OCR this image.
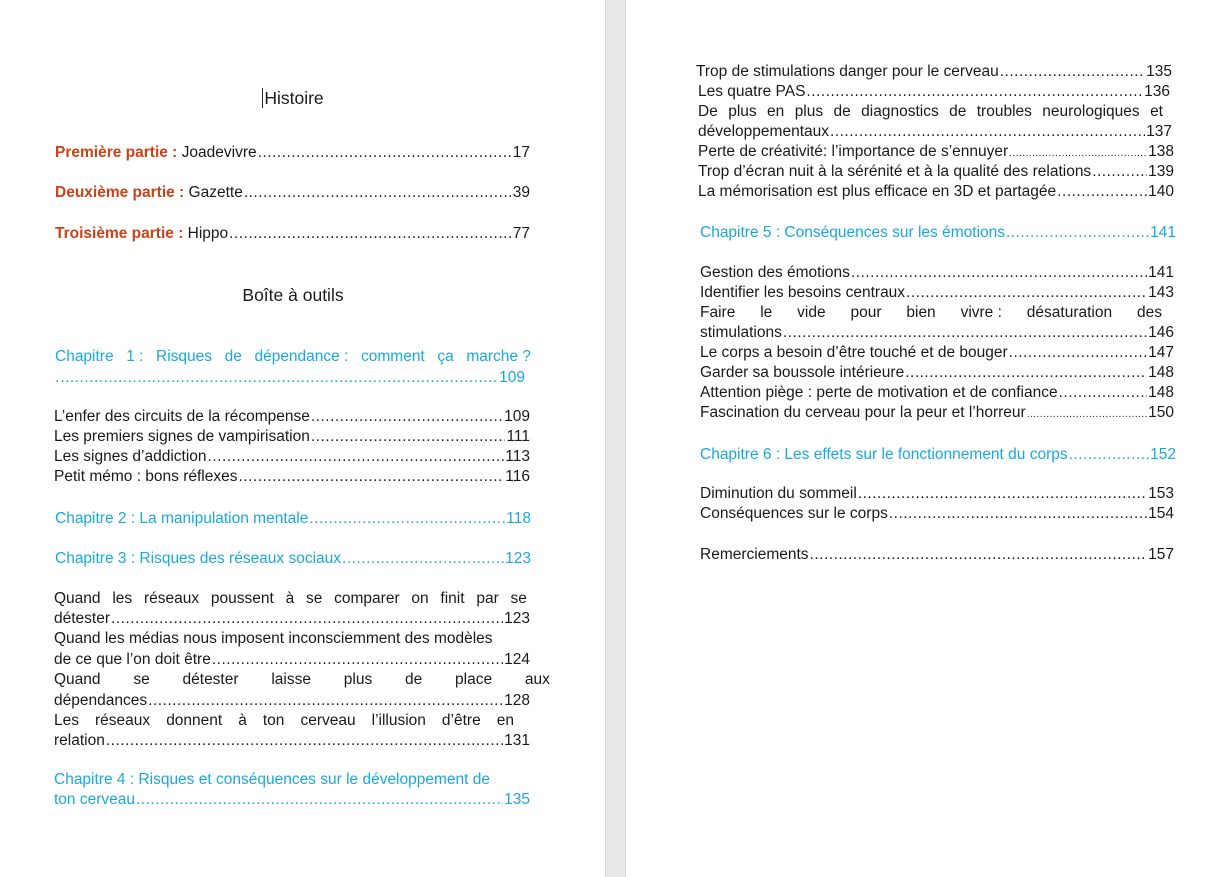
Histoire
Première partie : Joadevivre .....	17
Deuxième partie : Gazette .....	39
Troisième partie : Hippo .....	77
Boîte à outils
Chapitre 1 : Risques de dépendance : comment ça marche ?
. .....	109
L’enfer des circuits de la récompense .....	109
Les premiers signes de vampirisation .....	111
Les signes d’addiction .....	113
Petit mémo : bons réflexes .....	116
Chapitre 2 : La manipulation mentale .....	118
Chapitre 3 : Risques des réseaux sociaux .....	123
Quand les réseaux poussent à se comparer on finit par se
détester .....	123
Quand les médias nous imposent inconsciemment des modèles
de ce que l’on doit être .....	124
Quand se détester laisse plus de place aux
dépendances .....	128
Les réseaux donnent à ton cerveau l’illusion d’être en
relation .....	131
Chapitre 4 : Risques et conséquences sur le développement de
ton cerveau .....	135
Trop de stimulations danger pour le cerveau .....	135
Les quatre PAS .....	136
De plus en plus de diagnostics de troubles neurologiques et
développementaux .....	137
Perte de créativité: l’importance de s’ennuyer .....	138
Trop d’écran nuit à la sérénité et à la qualité des relations .....	139
La mémorisation est plus efficace en 3D et partagée .....	140
Chapitre 5 : Conséquences sur les émotions .....	141
Gestion des émotions .....	141
Identifier les besoins centraux .....	143
Faire le vide pour bien vivre : désaturation des
stimulations .....	146
Le corps a besoin d’être touché et de bouger .....	147
Garder sa boussole intérieure .....	148
Attention piège : perte de motivation et de confiance .....	148
Fascination du cerveau pour la peur et l’horreur .....	150
Chapitre 6 : Les effets sur le fonctionnement du corps .....	152
Diminution du sommeil .....	153
Conséquences sur le corps .....	154
Remerciements .....	157
